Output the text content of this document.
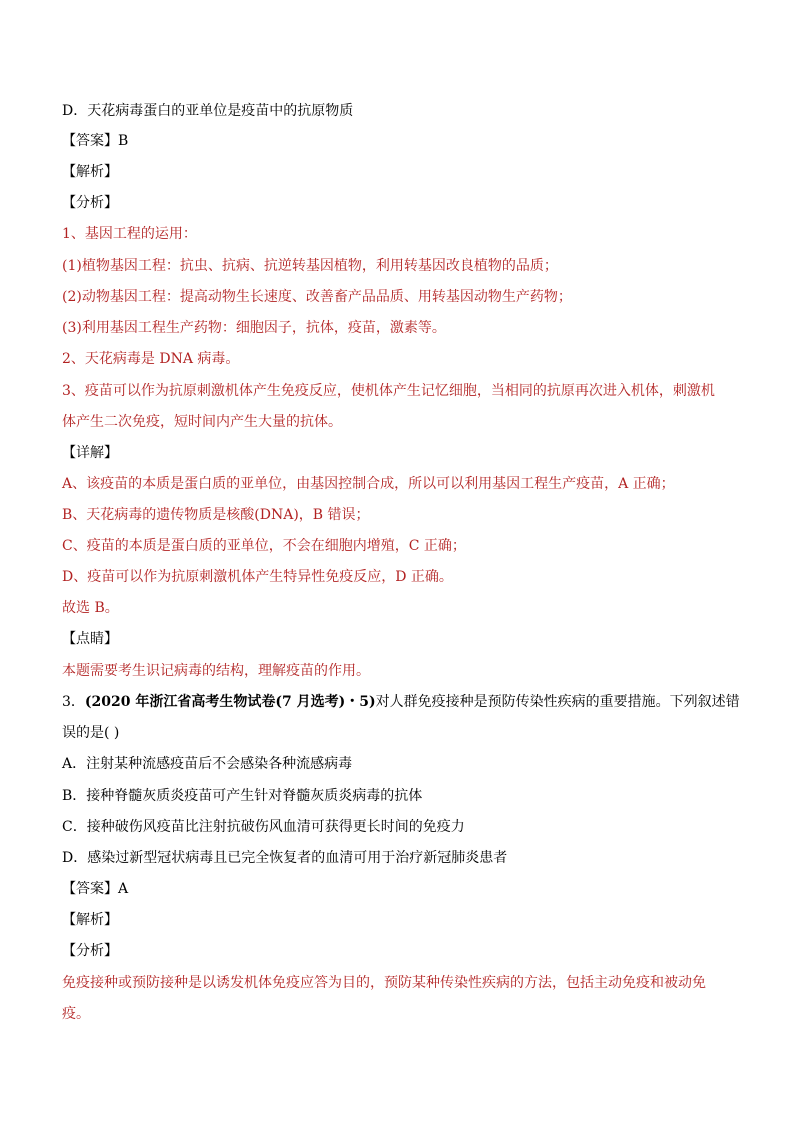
D．天花病毒蛋白的亚单位是疫苗中的抗原物质
【答案】B
【解析】
【分析】
1、基因工程的运用：
(1)植物基因工程：抗虫、抗病、抗逆转基因植物，利用转基因改良植物的品质；
(2)动物基因工程：提高动物生长速度、改善畜产品品质、用转基因动物生产药物；
(3)利用基因工程生产药物：细胞因子，抗体，疫苗，激素等。
2、天花病毒是 DNA 病毒。
3、疫苗可以作为抗原刺激机体产生免疫反应，使机体产生记忆细胞，当相同的抗原再次进入机体，刺激机
体产生二次免疫，短时间内产生大量的抗体。
【详解】
A、该疫苗的本质是蛋白质的亚单位，由基因控制合成，所以可以利用基因工程生产疫苗，A 正确；
B、天花病毒的遗传物质是核酸(DNA)，B 错误；
C、疫苗的本质是蛋白质的亚单位，不会在细胞内增殖，C 正确；
D、疫苗可以作为抗原刺激机体产生特异性免疫反应，D 正确。
故选 B。
【点睛】
本题需要考生识记病毒的结构，理解疫苗的作用。
3．(2020 年浙江省高考生物试卷(7 月选考)・5)对人群免疫接种是预防传染性疾病的重要措施。下列叙述错
误的是( )
A．注射某种流感疫苗后不会感染各种流感病毒
B．接种脊髓灰质炎疫苗可产生针对脊髓灰质炎病毒的抗体
C．接种破伤风疫苗比注射抗破伤风血清可获得更长时间的免疫力
D．感染过新型冠状病毒且已完全恢复者的血清可用于治疗新冠肺炎患者
【答案】A
【解析】
【分析】
免疫接种或预防接种是以诱发机体免疫应答为目的，预防某种传染性疾病的方法，包括主动免疫和被动免
疫。
